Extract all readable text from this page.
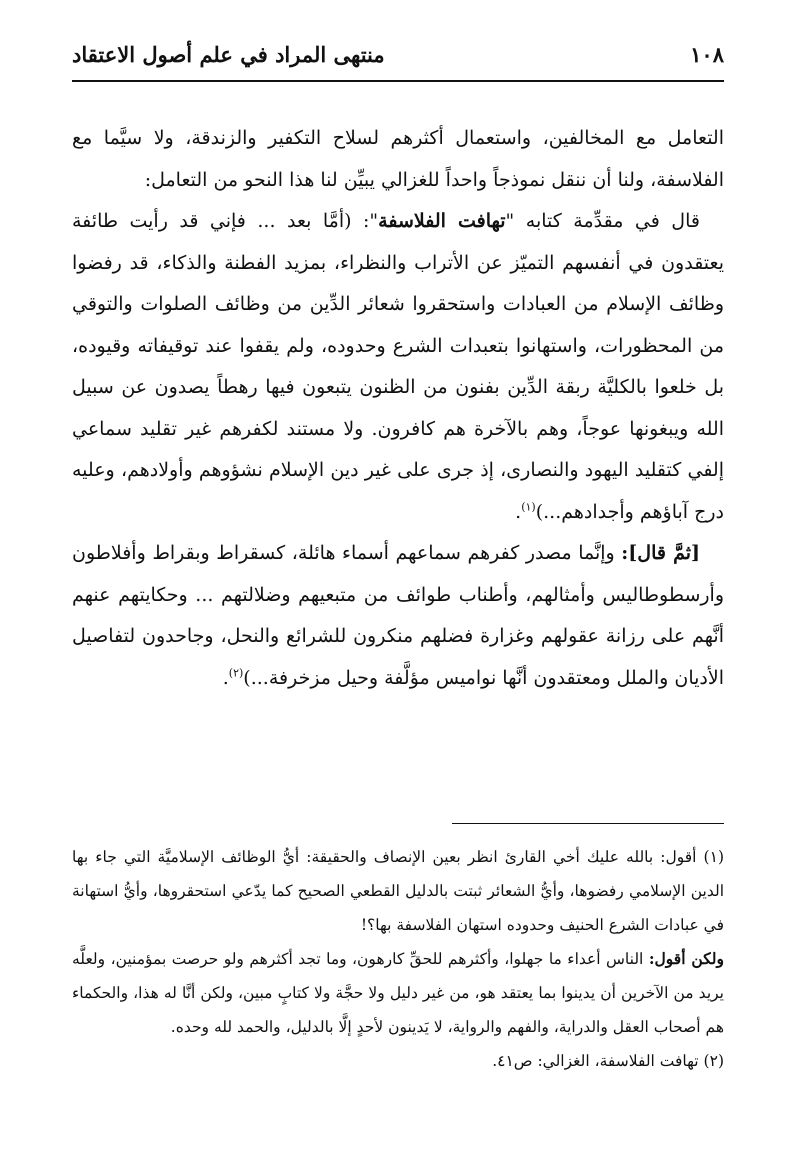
١٠٨
منتهى المراد في علم أصول الاعتقاد

التعامل مع المخالفين، واستعمال أكثرهم لسلاح التكفير والزندقة، ولا سيَّما مع الفلاسفة، ولنا أن ننقل نموذجاً واحداً للغزالي يبيِّن لنا هذا النحو من التعامل:

قال في مقدِّمة كتابه "تهافت الفلاسفة": (أمَّا بعد ... فإني قد رأيت طائفة يعتقدون في أنفسهم التميّز عن الأتراب والنظراء، بمزيد الفطنة والذكاء، قد رفضوا وظائف الإسلام من العبادات واستحقروا شعائر الدِّين من وظائف الصلوات والتوقي من المحظورات، واستهانوا بتعبدات الشرع وحدوده، ولم يقفوا عند توقيفاته وقيوده، بل خلعوا بالكليَّة ربقة الدِّين بفنون من الظنون يتبعون فيها رهطاً يصدون عن سبيل الله ويبغونها عوجاً، وهم بالآخرة هم كافرون. ولا مستند لكفرهم غير تقليد سماعي إلفي كتقليد اليهود والنصارى، إذ جرى على غير دين الإسلام نشؤوهم وأولادهم، وعليه درج آباؤهم وأجدادهم...)$^{(١)}$.

[ثمَّ قال]: وإنَّما مصدر كفرهم سماعهم أسماء هائلة، كسقراط وبقراط وأفلاطون وأرسطوطاليس وأمثالهم، وأطناب طوائف من متبعيهم وضلالتهم ... وحكايتهم عنهم أنَّهم على رزانة عقولهم وغزارة فضلهم منكرون للشرائع والنحل، وجاحدون لتفاصيل الأديان والملل ومعتقدون أنَّها نواميس مؤلَّفة وحيل مزخرفة...)$^{(٢)}$.

(١) أقول: بالله عليك أخي القارئ انظر بعين الإنصاف والحقيقة: أيُّ الوظائف الإسلاميَّة التي جاء بها الدين الإسلامي رفضوها، وأيُّ الشعائر ثبتت بالدليل القطعي الصحيح كما يدّعي استحقروها، وأيُّ استهانة في عبادات الشرع الحنيف وحدوده استهان الفلاسفة بها؟!

ولكن أقول: الناس أعداء ما جهلوا، وأكثرهم للحقِّ كارهون، وما تجد أكثرهم ولو حرصت بمؤمنين، ولعلَّه يريد من الآخرين أن يدينوا بما يعتقد هو، من غير دليل ولا حجَّة ولا كتابٍ مبين، ولكن أنَّا له هذا، والحكماء هم أصحاب العقل والدراية، والفهم والرواية، لا يَدينون لأحدٍ إلَّا بالدليل، والحمد لله وحده.

(٢) تهافت الفلاسفة، الغزالي: ص٤١.
